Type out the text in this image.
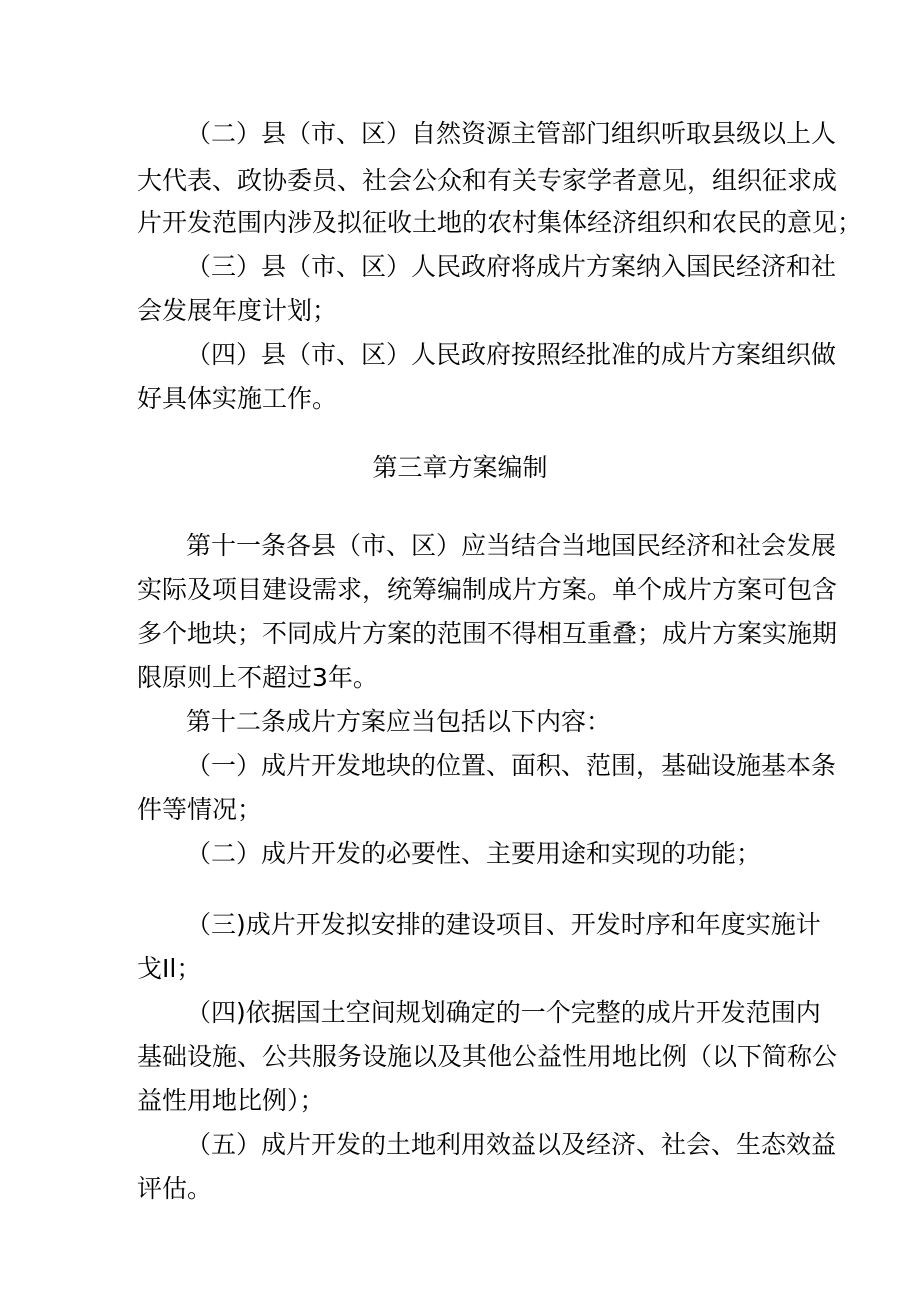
（二）县（市、区）自然资源主管部门组织听取县级以上人
大代表、政协委员、社会公众和有关专家学者意见，组织征求成
片开发范围内涉及拟征收土地的农村集体经济组织和农民的意见；
（三）县（市、区）人民政府将成片方案纳入国民经济和社
会发展年度计划；
（四）县（市、区）人民政府按照经批准的成片方案组织做
好具体实施工作。
第三章方案编制
第十一条各县（市、区）应当结合当地国民经济和社会发展
实际及项目建设需求，统筹编制成片方案。单个成片方案可包含
多个地块；不同成片方案的范围不得相互重叠；成片方案实施期
限原则上不超过3年。
第十二条成片方案应当包括以下内容：
（一）成片开发地块的位置、面积、范围，基础设施基本条
件等情况；
（二）成片开发的必要性、主要用途和实现的功能；
（三)成片开发拟安排的建设项目、开发时序和年度实施计
戈Il；
（四)依据国土空间规划确定的一个完整的成片开发范围内
基础设施、公共服务设施以及其他公益性用地比例（以下简称公
益性用地比例）；
（五）成片开发的土地利用效益以及经济、社会、生态效益
评估。
